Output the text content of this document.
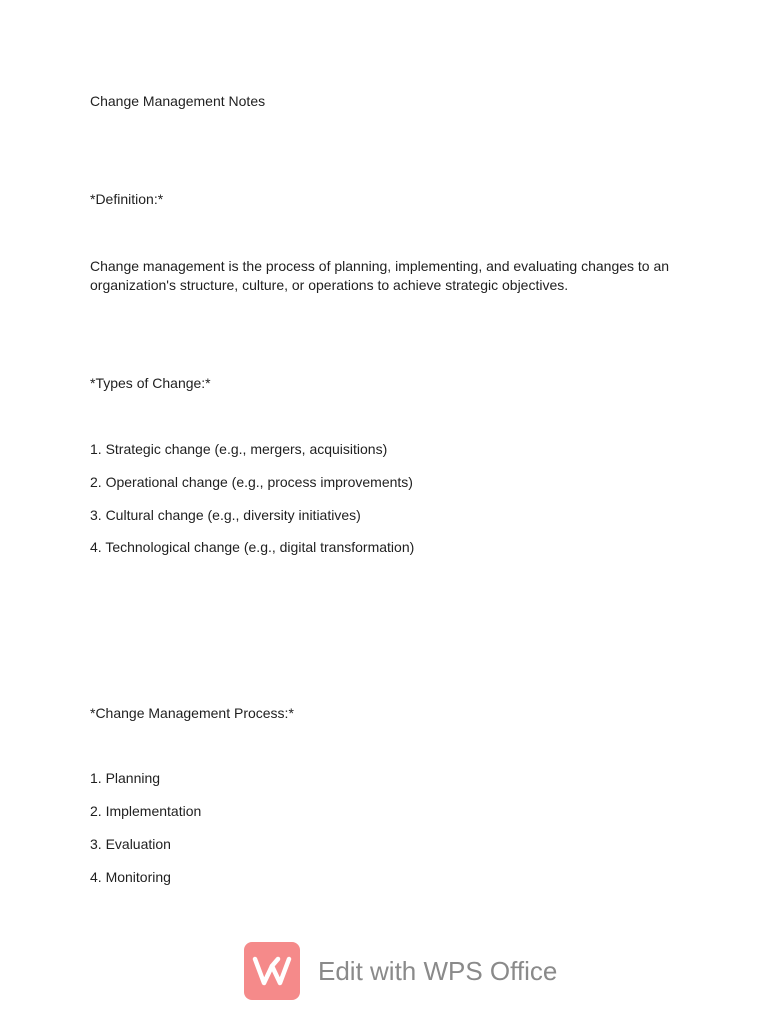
Change Management Notes
*Definition:*
Change management is the process of planning, implementing, and evaluating changes to an
organization's structure, culture, or operations to achieve strategic objectives.
*Types of Change:*
1. Strategic change (e.g., mergers, acquisitions)
2. Operational change (e.g., process improvements)
3. Cultural change (e.g., diversity initiatives)
4. Technological change (e.g., digital transformation)
*Change Management Process:*
1. Planning
2. Implementation
3. Evaluation
4. Monitoring
Edit with WPS Office
